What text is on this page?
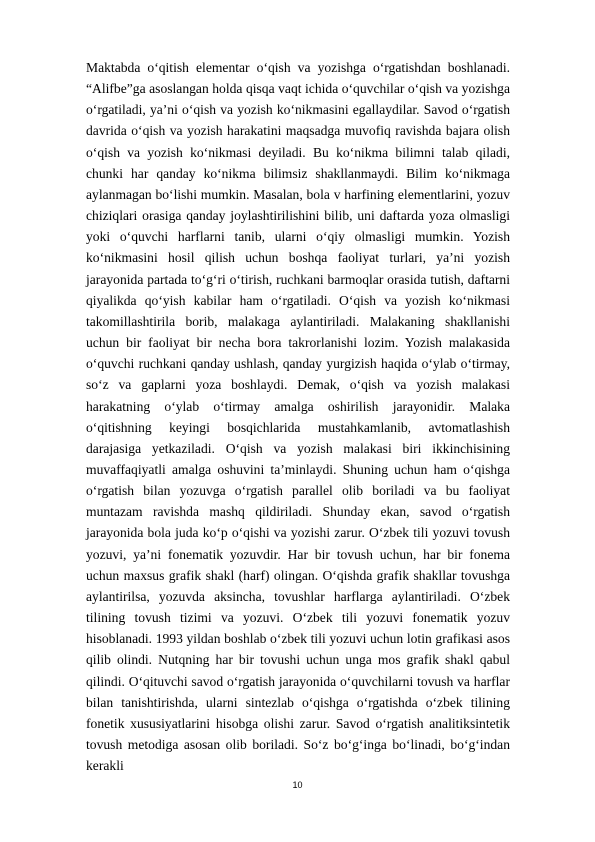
Maktabda o‘qitish elementar o‘qish va yozishga o‘rgatishdan boshlanadi. “Alifbe”ga asoslangan holda qisqa vaqt ichida o‘quvchilar o‘qish va yozishga o‘rgatiladi, ya’ni o‘qish va yozish ko‘nikmasini egallaydilar. Savod o‘rgatish davrida o‘qish va yozish harakatini maqsadga muvofiq ravishda bajara olish o‘qish va yozish ko‘nikmasi deyiladi. Bu ko‘nikma bilimni talab qiladi, chunki har qanday ko‘nikma bilimsiz shakllanmaydi. Bilim ko‘nikmaga aylanmagan bo‘lishi mumkin. Masalan, bola v harfining elementlarini, yozuv chiziqlari orasiga qanday joylashtirilishini bilib, uni daftarda yoza olmasligi yoki o‘quvchi harflarni tanib, ularni o‘qiy olmasligi mumkin. Yozish ko‘nikmasini hosil qilish uchun boshqa faoliyat turlari, ya’ni yozish jarayonida partada to‘g‘ri o‘tirish, ruchkani barmoqlar orasida tutish, daftarni qiyalikda qo‘yish kabilar ham o‘rgatiladi. O‘qish va yozish ko‘nikmasi takomillashtirila borib, malakaga aylantiriladi. Malakaning shakllanishi uchun bir faoliyat bir necha bora takrorlanishi lozim. Yozish malakasida o‘quvchi ruchkani qanday ushlash, qanday yurgizish haqida o‘ylab o‘tirmay, so‘z va gaplarni yoza boshlaydi. Demak, o‘qish va yozish malakasi harakatning o‘ylab o‘tirmay amalga oshirilish jarayonidir. Malaka o‘qitishning keyingi bosqichlarida mustahkamlanib, avtomatlashish darajasiga yetkaziladi. O‘qish va yozish malakasi biri ikkinchisining muvaffaqiyatli amalga oshuvini ta’minlaydi. Shuning uchun ham o‘qishga o‘rgatish bilan yozuvga o‘rgatish parallel olib boriladi va bu faoliyat muntazam ravishda mashq qildiriladi. Shunday ekan, savod o‘rgatish jarayonida bola juda ko‘p o‘qishi va yozishi zarur. O‘zbek tili yozuvi tovush yozuvi, ya’ni fonematik yozuvdir. Har bir tovush uchun, har bir fonema uchun maxsus grafik shakl (harf) olingan. O‘qishda grafik shakllar tovushga aylantirilsa, yozuvda aksincha, tovushlar harflarga aylantiriladi. O‘zbek tilining tovush tizimi va yozuvi. O‘zbek tili yozuvi fonematik yozuv hisoblanadi. 1993 yildan boshlab o‘zbek tili yozuvi uchun lotin grafikasi asos qilib olindi. Nutqning har bir tovushi uchun unga mos grafik shakl qabul qilindi. O‘qituvchi savod o‘rgatish jarayonida o‘quvchilarni tovush va harflar bilan tanishtirishda, ularni sintezlab o‘qishga o‘rgatishda o‘zbek tilining fonetik xususiyatlarini hisobga olishi zarur. Savod o‘rgatish analitiksintetik tovush metodiga asosan olib boriladi. So‘z bo‘g‘inga bo‘linadi, bo‘g‘indan kerakli

10
